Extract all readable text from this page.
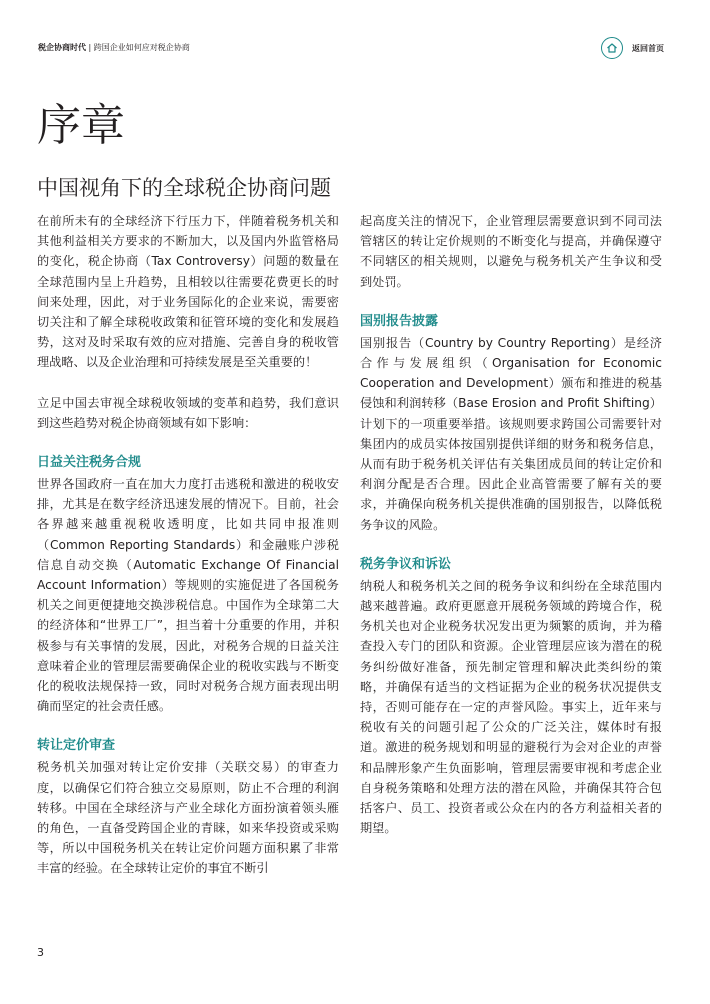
税企协商时代 | 跨国企业如何应对税企协商	返回首页
序章
中国视角下的全球税企协商问题

在前所未有的全球经济下行压力下，伴随着税务机关和其他利益相关方要求的不断加大，以及国内外监管格局的变化，税企协商（Tax Controversy）问题的数量在全球范围内呈上升趋势，且相较以往需要花费更长的时间来处理，因此，对于业务国际化的企业来说，需要密切关注和了解全球税收政策和征管环境的变化和发展趋势，这对及时采取有效的应对措施、完善自身的税收管理战略、以及企业治理和可持续发展是至关重要的！

立足中国去审视全球税收领域的变革和趋势，我们意识到这些趋势对税企协商领域有如下影响：

日益关注税务合规

世界各国政府一直在加大力度打击逃税和激进的税收安排，尤其是在数字经济迅速发展的情况下。目前，社会各界越来越重视税收透明度，比如共同申报准则（Common Reporting Standards）和金融账户涉税信息自动交换（Automatic Exchange Of Financial Account Information）等规则的实施促进了各国税务机关之间更便捷地交换涉税信息。中国作为全球第二大的经济体和“世界工厂”，担当着十分重要的作用，并积极参与有关事情的发展，因此，对税务合规的日益关注意味着企业的管理层需要确保企业的税收实践与不断变化的税收法规保持一致，同时对税务合规方面表现出明确而坚定的社会责任感。

转让定价审查

税务机关加强对转让定价安排（关联交易）的审查力度，以确保它们符合独立交易原则，防止不合理的利润转移。中国在全球经济与产业全球化方面扮演着领头雁的角色，一直备受跨国企业的青睐，如来华投资或采购等，所以中国税务机关在转让定价问题方面积累了非常丰富的经验。在全球转让定价的事宜不断引

起高度关注的情况下，企业管理层需要意识到不同司法管辖区的转让定价规则的不断变化与提高，并确保遵守不同辖区的相关规则，以避免与税务机关产生争议和受到处罚。

国别报告披露

国别报告（Country by Country Reporting）是经济合作与发展组织（Organisation for Economic Cooperation and Development）颁布和推进的税基侵蚀和利润转移（Base Erosion and Profit Shifting）计划下的一项重要举措。该规则要求跨国公司需要针对集团内的成员实体按国别提供详细的财务和税务信息，从而有助于税务机关评估有关集团成员间的转让定价和利润分配是否合理。因此企业高管需要了解有关的要求，并确保向税务机关提供准确的国别报告，以降低税务争议的风险。

税务争议和诉讼

纳税人和税务机关之间的税务争议和纠纷在全球范围内越来越普遍。政府更愿意开展税务领域的跨境合作，税务机关也对企业税务状况发出更为频繁的质询，并为稽查投入专门的团队和资源。企业管理层应该为潜在的税务纠纷做好准备，预先制定管理和解决此类纠纷的策略，并确保有适当的文档证据为企业的税务状况提供支持，否则可能存在一定的声誉风险。事实上，近年来与税收有关的问题引起了公众的广泛关注，媒体时有报道。激进的税务规划和明显的避税行为会对企业的声誉和品牌形象产生负面影响，管理层需要审视和考虑企业自身税务策略和处理方法的潜在风险，并确保其符合包括客户、员工、投资者或公众在内的各方利益相关者的期望。

3
